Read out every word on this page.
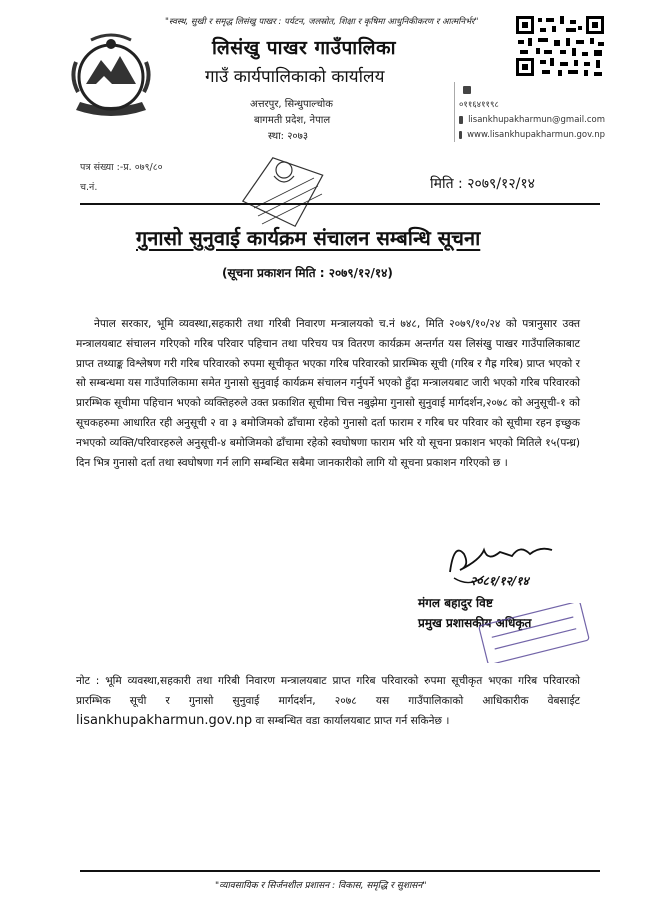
"स्वस्थ, सुखी र समृद्ध लिसंखु पाखर : पर्यटन, जलस्रोत, शिक्षा र कृषिमा आधुनिकीकरण र आत्मनिर्भर"
लिसंखु पाखर गाउँपालिका
गाउँ कार्यपालिकाको कार्यालय
अत्तरपुर, सिन्धुपाल्चोक
बागमती प्रदेश, नेपाल
स्था: २०७३
०११६४११९८
lisankhupakharmun@gmail.com
www.lisankhupakharmun.gov.np
पत्र संख्या :-प्र. ०७९/८०
च.नं.	मिति : २०७९/१२/१४
गुनासो सुनुवाई कार्यक्रम संचालन सम्बन्धि सूचना
(सूचना प्रकाशन मिति : २०७९/१२/१४)
नेपाल सरकार, भूमि व्यवस्था,सहकारी तथा गरिबी निवारण मन्त्रालयको च.नं ७४८, मिति २०७९/१०/२४ को पत्रानुसार उक्त मन्त्रालयबाट संचालन गरिएको गरिब परिवार पहिचान तथा परिचय पत्र वितरण कार्यक्रम अन्तर्गत यस लिसंखु पाखर गाउँपालिकाबाट प्राप्त तथ्याङ्क विश्लेषण गरी गरिब परिवारको रुपमा सूचीकृत भएका गरिब परिवारको प्रारम्भिक सूची (गरिब र गैह्र गरिब) प्राप्त भएको र सो सम्बन्धमा यस गाउँपालिकामा समेत गुनासो सुनुवाई कार्यक्रम संचालन गर्नुपर्ने भएको हुँदा मन्त्रालयबाट जारी भएको गरिब परिवारको प्रारम्भिक सूचीमा पहिचान भएको व्यक्तिहरुले उक्त प्रकाशित सूचीमा चित्त नबुझेमा गुनासो सुनुवाई मार्गदर्शन,२०७८ को अनुसूची-१ को सूचकहरुमा आधारित रही अनुसूची २ वा ३ बमोजिमको ढाँचामा रहेको गुनासो दर्ता फाराम र गरिब घर परिवार को सूचीमा रहन इच्छुक नभएको व्यक्ति/परिवारहरुले अनुसूची-४ बमोजिमको ढाँचामा रहेको स्वघोषणा फाराम भरि यो सूचना प्रकाशन भएको मितिले १५(पन्ध्र) दिन भित्र गुनासो दर्ता तथा स्वघोषणा गर्न लागि सम्बन्धित सबैमा जानकारीको लागि यो सूचना प्रकाशन गरिएको छ ।
२०८१/१२/१४
मंगल बहादुर विष्ट
प्रमुख प्रशासकीय अधिकृत
नोट : भूमि व्यवस्था,सहकारी तथा गरिबी निवारण मन्त्रालयबाट प्राप्त गरिब परिवारको रुपमा सूचीकृत भएका गरिब परिवारको प्रारम्भिक सूची र गुनासो सुनुवाई मार्गदर्शन, २०७८ यस गाउँपालिकाको आधिकारीक वेबसाईट lisankhupakharmun.gov.np वा सम्बन्धित वडा कार्यालयबाट प्राप्त गर्न सकिनेछ ।
"व्यावसायिक र सिर्जनशील प्रशासन : विकास, समृद्धि र सुशासन"
